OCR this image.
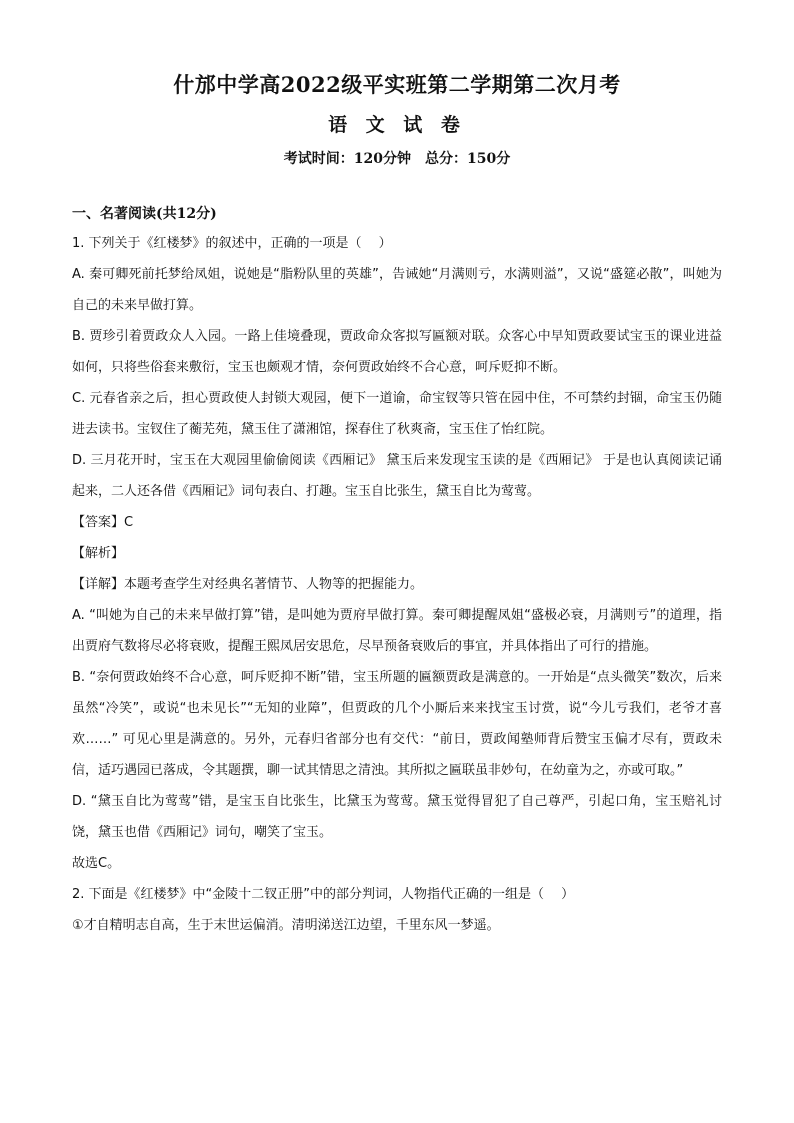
什邡中学高2022级平实班第二学期第二次月考
语 文 试 卷
考试时间：120分钟　总分：150分
一、名著阅读(共12分)

1. 下列关于《红楼梦》的叙述中，正确的一项是（　 ）

A. 秦可卿死前托梦给凤姐，说她是“脂粉队里的英雄”，告诫她“月满则亏，水满则溢”，又说“盛筵必散”，叫她为自己的未来早做打算。

B. 贾珍引着贾政众人入园。一路上佳境叠现，贾政命众客拟写匾额对联。众客心中早知贾政要试宝玉的课业进益如何，只将些俗套来敷衍，宝玉也颇观才情，奈何贾政始终不合心意，呵斥贬抑不断。

C. 元春省亲之后，担心贾政使人封锁大观园，便下一道谕，命宝钗等只管在园中住，不可禁约封锢，命宝玉仍随进去读书。宝钗住了蘅芜苑，黛玉住了潇湘馆，探春住了秋爽斋，宝玉住了怡红院。

D. 三月花开时，宝玉在大观园里偷偷阅读《西厢记》 黛玉后来发现宝玉读的是《西厢记》 于是也认真阅读记诵起来，二人还各借《西厢记》词句表白、打趣。宝玉自比张生，黛玉自比为莺莺。

【答案】C

【解析】

【详解】本题考查学生对经典名著情节、人物等的把握能力。

A. “叫她为自己的未来早做打算”错，是叫她为贾府早做打算。秦可卿提醒凤姐“盛极必衰，月满则亏”的道理，指出贾府气数将尽必将衰败，提醒王熙凤居安思危，尽早预备衰败后的事宜，并具体指出了可行的措施。

B. “奈何贾政始终不合心意，呵斥贬抑不断”错，宝玉所题的匾额贾政是满意的。一开始是“点头微笑”数次，后来虽然“冷笑”，或说“也未见长”“无知的业障”，但贾政的几个小厮后来来找宝玉讨赏，说“今儿亏我们，老爷才喜欢……” 可见心里是满意的。另外，元春归省部分也有交代：“前日，贾政闻塾师背后赞宝玉偏才尽有，贾政未信，适巧遇园已落成，令其题撰，聊一试其情思之清浊。其所拟之匾联虽非妙句，在幼童为之，亦或可取。”

D. “黛玉自比为莺莺”错，是宝玉自比张生，比黛玉为莺莺。黛玉觉得冒犯了自己尊严，引起口角，宝玉赔礼讨饶，黛玉也借《西厢记》词句，嘲笑了宝玉。

故选C。

2. 下面是《红楼梦》中“金陵十二钗正册”中的部分判词，人物指代正确的一组是（　 ）

①才自精明志自高，生于末世运偏消。清明涕送江边望，千里东风一梦遥。
